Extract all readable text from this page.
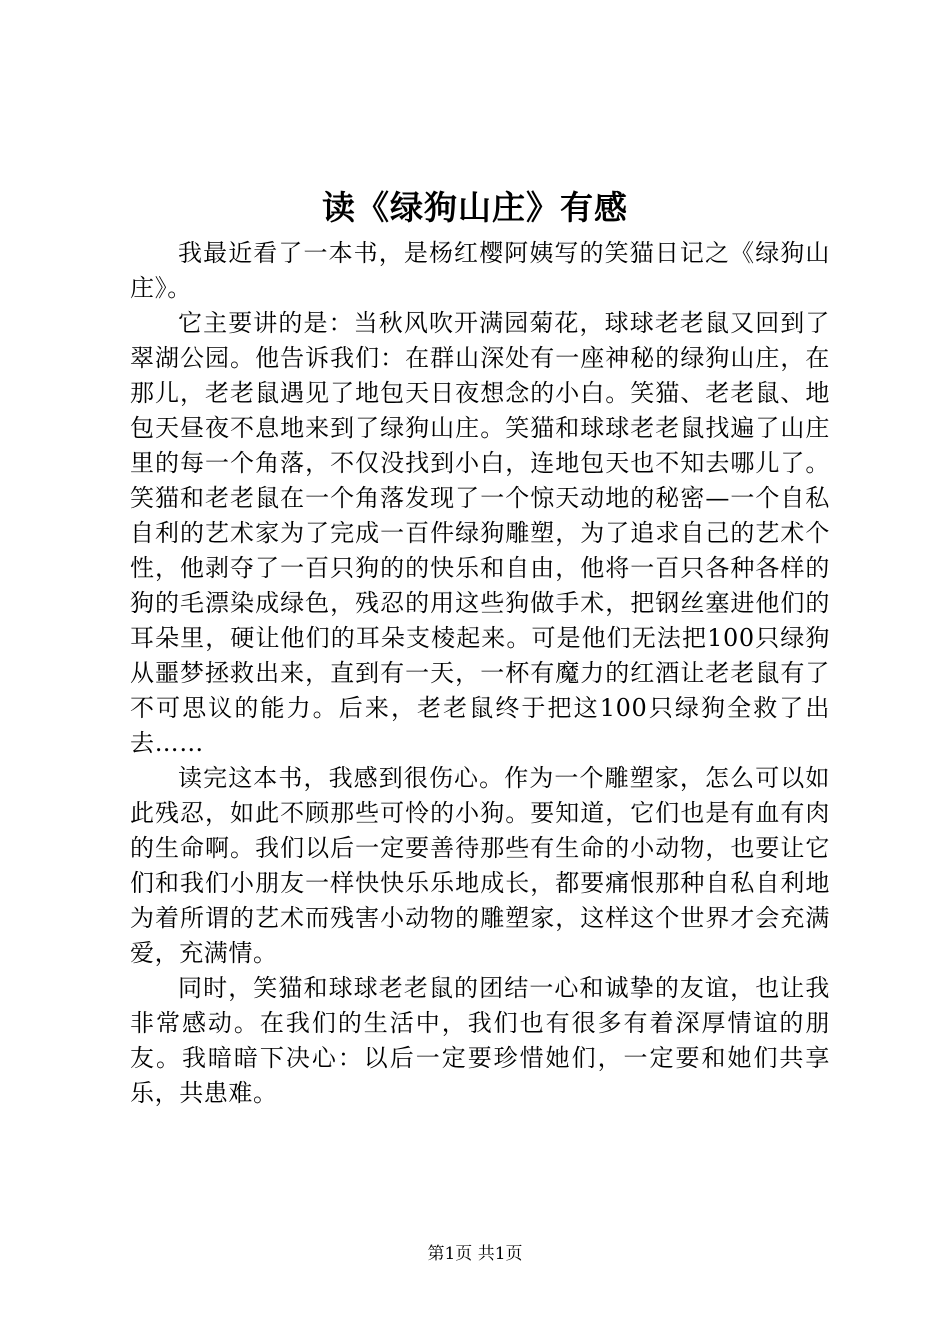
读《绿狗山庄》有感

我最近看了一本书，是杨红樱阿姨写的笑猫日记之《绿狗山庄》。

它主要讲的是：当秋风吹开满园菊花，球球老老鼠又回到了翠湖公园。他告诉我们：在群山深处有一座神秘的绿狗山庄，在那儿，老老鼠遇见了地包天日夜想念的小白。笑猫、老老鼠、地包天昼夜不息地来到了绿狗山庄。笑猫和球球老老鼠找遍了山庄里的每一个角落，不仅没找到小白，连地包天也不知去哪儿了。笑猫和老老鼠在一个角落发现了一个惊天动地的秘密—一个自私自利的艺术家为了完成一百件绿狗雕塑，为了追求自己的艺术个性，他剥夺了一百只狗的的快乐和自由，他将一百只各种各样的狗的毛漂染成绿色，残忍的用这些狗做手术，把钢丝塞进他们的耳朵里，硬让他们的耳朵支棱起来。可是他们无法把100只绿狗从噩梦拯救出来，直到有一天，一杯有魔力的红酒让老老鼠有了不可思议的能力。后来，老老鼠终于把这100只绿狗全救了出去……

读完这本书，我感到很伤心。作为一个雕塑家，怎么可以如此残忍，如此不顾那些可怜的小狗。要知道，它们也是有血有肉的生命啊。我们以后一定要善待那些有生命的小动物，也要让它们和我们小朋友一样快快乐乐地成长，都要痛恨那种自私自利地为着所谓的艺术而残害小动物的雕塑家，这样这个世界才会充满爱，充满情。

同时，笑猫和球球老老鼠的团结一心和诚挚的友谊，也让我非常感动。在我们的生活中，我们也有很多有着深厚情谊的朋友。我暗暗下决心：以后一定要珍惜她们，一定要和她们共享乐，共患难。

第1页 共1页
